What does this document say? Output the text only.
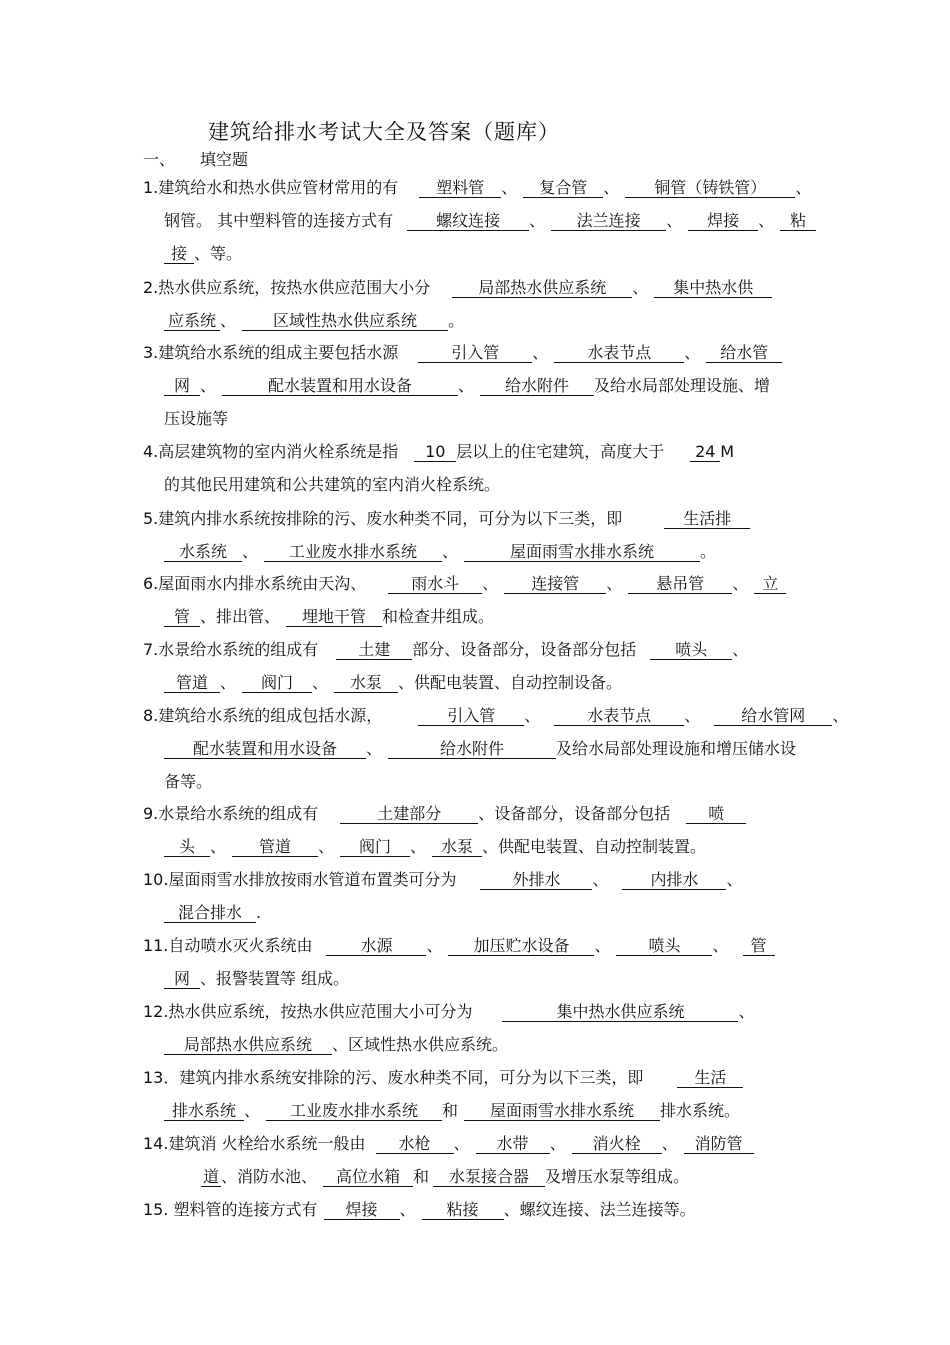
建筑给排水考试大全及答案（题库）
一、 填空题
1.建筑给水和热水供应管材常用的有 塑料管 、 复合管 、 铜管（铸铁管） 、
钢管。 其中塑料管的连接方式有	螺纹连接 、 法兰连接 、 焊接 、 粘
接 、等。
2.热水供应系统，按热水供应范围大小分	局部热水供应系统 、 集中热水供
应系统 、 区域性热水供应系统 。
3.建筑给水系统的组成主要包括水源	引入管 、 水表节点 、 给水管
网 、	配水装置和用水设备	、 给水附件 及给水局部处理设施、增
压设施等
4.高层建筑物的室内消火栓系统是指 10 层以上的住宅建筑，高度大于 24 M
的其他民用建筑和公共建筑的室内消火栓系统。
5.建筑内排水系统按排除的污、废水种类不同，可分为以下三类，即	生活排
水系统 、 工业废水排水系统 、	屋面雨雪水排水系统	。
6.屋面雨水内排水系统由天沟、	雨水斗 、 连接管 、 悬吊管 、 立
管 、排出管、 埋地干管 和检查井组成。
7.水景给水系统的组成有 土建 部分、设备部分，设备部分包括 喷头 、
管道 、 阀门 、 水泵 、供配电装置、自动控制设备。
8.建筑给水系统的组成包括水源，	引入管 、	水表节点 、	给水管网 、
配水装置和用水设备 、	给水附件	及给水局部处理设施和增压储水设
备等。
9.水景给水系统的组成有	土建部分 、设备部分，设备部分包括 喷
头 、 管道 、 阀门 、 水泵 、供配电装置、自动控制装置。
10.屋面雨雪水排放按雨水管道布置类可分为	外排水 、	内排水 、
混合排水 .
11.自动喷水灭火系统由	水源 、 加压贮水设备 、 喷头 、 管
网 、报警装置等 组成。
12.热水供应系统，按热水供应范围大小可分为	集中热水供应系统	、
局部热水供应系统 、区域性热水供应系统。
13．建筑内排水系统安排除的污、废水种类不同，可分为以下三类，即	生活
排水系统 、 工业废水排水系统 和 屋面雨雪水排水系统 排水系统。
14.建筑消 火栓给水系统一般由 水枪 、 水带 、 消火栓 、 消防管
道 、消防水池、 高位水箱 和 水泵接合器 及增压水泵等组成。
15. 塑料管的连接方式有 焊接 、 粘接 、螺纹连接、法兰连接等。
